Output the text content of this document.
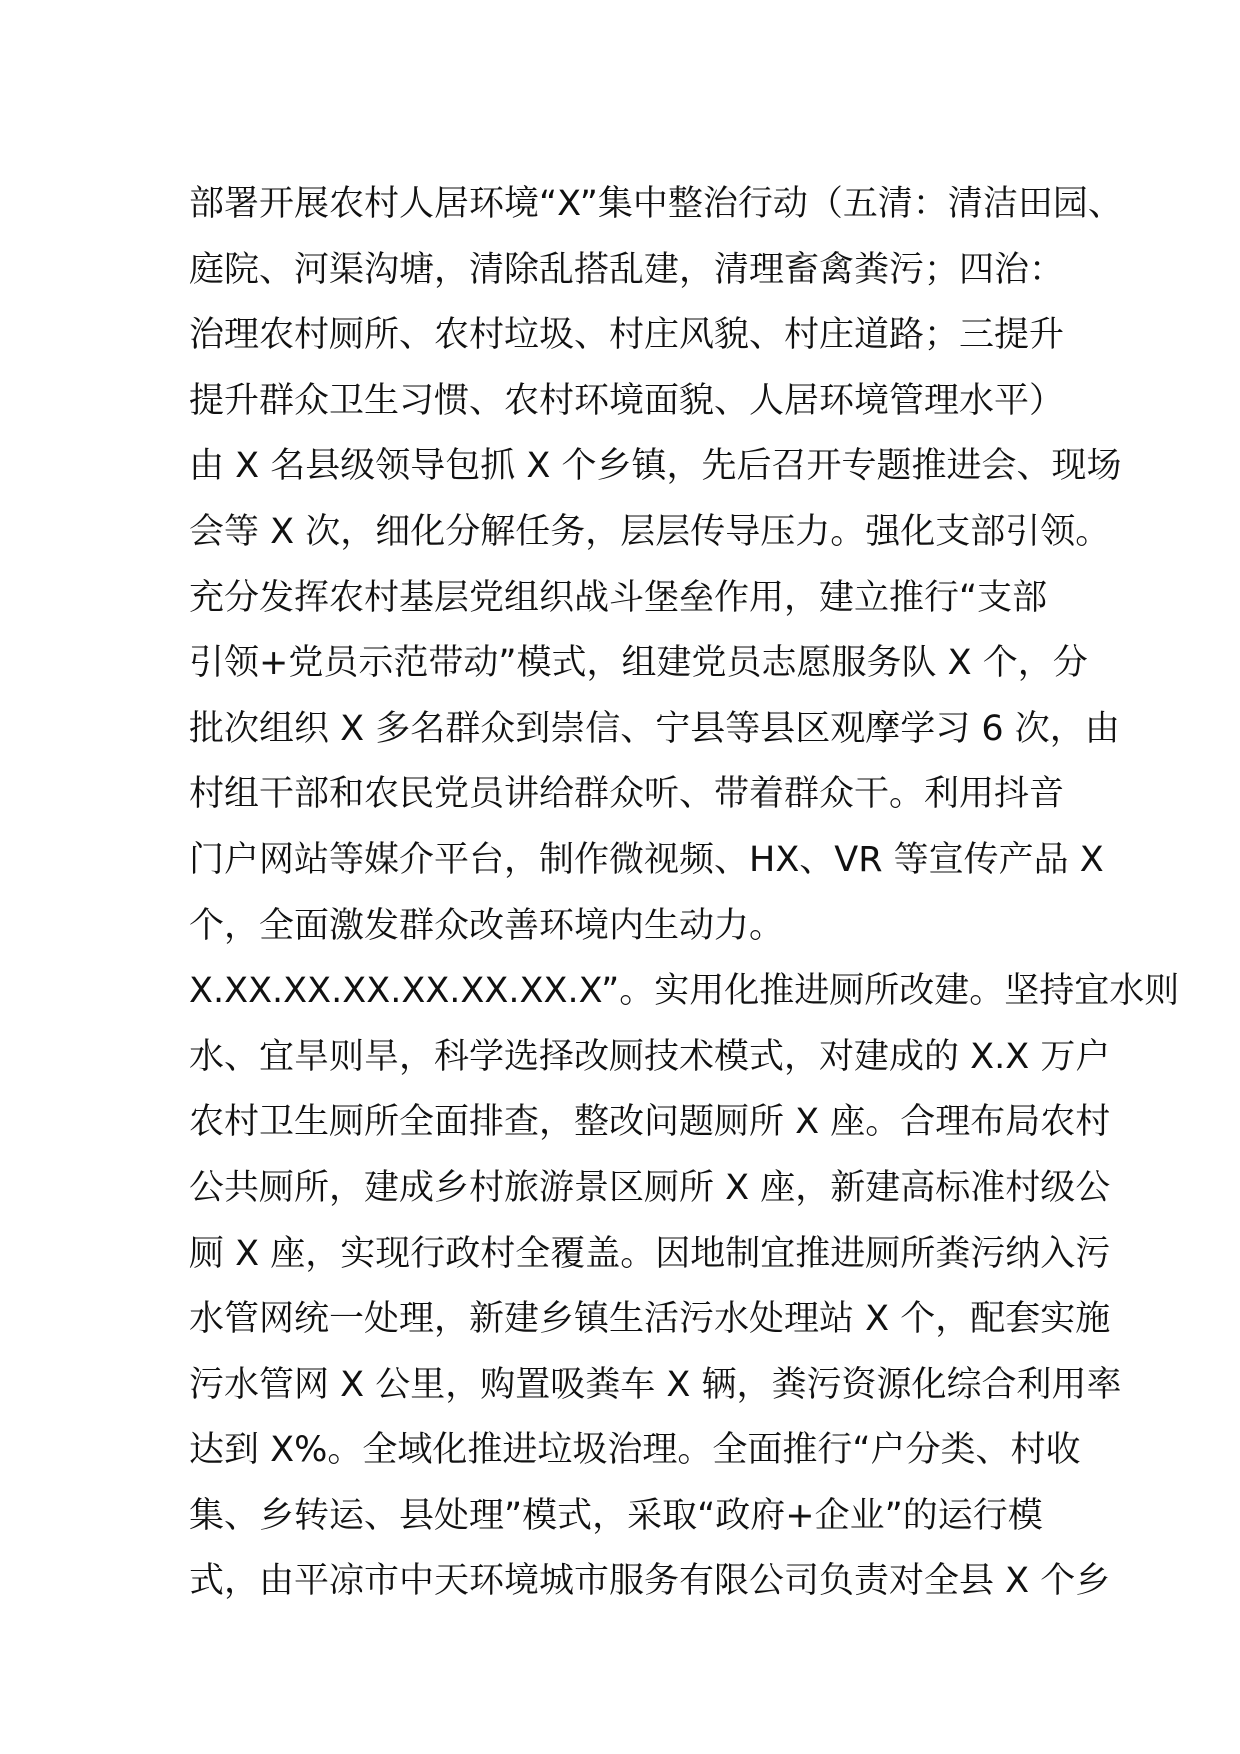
部署开展农村人居环境“X”集中整治行动（五清：清洁田园、
庭院、河渠沟塘，清除乱搭乱建，清理畜禽粪污；四治：
治理农村厕所、农村垃圾、村庄风貌、村庄道路；三提升
提升群众卫生习惯、农村环境面貌、人居环境管理水平）
由 X 名县级领导包抓 X 个乡镇，先后召开专题推进会、现场
会等 X 次，细化分解任务，层层传导压力。强化支部引领。
充分发挥农村基层党组织战斗堡垒作用，建立推行“支部
引领+党员示范带动”模式，组建党员志愿服务队 X 个，分
批次组织 X 多名群众到崇信、宁县等县区观摩学习 6 次，由
村组干部和农民党员讲给群众听、带着群众干。利用抖音
门户网站等媒介平台，制作微视频、HX、VR 等宣传产品 X
个，全面激发群众改善环境内生动力。
X.XX.XX.XX.XX.XX.XX.X”。实用化推进厕所改建。坚持宜水则
水、宜旱则旱，科学选择改厕技术模式，对建成的 X.X 万户
农村卫生厕所全面排查，整改问题厕所 X 座。合理布局农村
公共厕所，建成乡村旅游景区厕所 X 座，新建高标准村级公
厕 X 座，实现行政村全覆盖。因地制宜推进厕所粪污纳入污
水管网统一处理，新建乡镇生活污水处理站 X 个，配套实施
污水管网 X 公里，购置吸粪车 X 辆，粪污资源化综合利用率
达到 X%。全域化推进垃圾治理。全面推行“户分类、村收
集、乡转运、县处理”模式，采取“政府+企业”的运行模
式，由平凉市中天环境城市服务有限公司负责对全县 X 个乡
